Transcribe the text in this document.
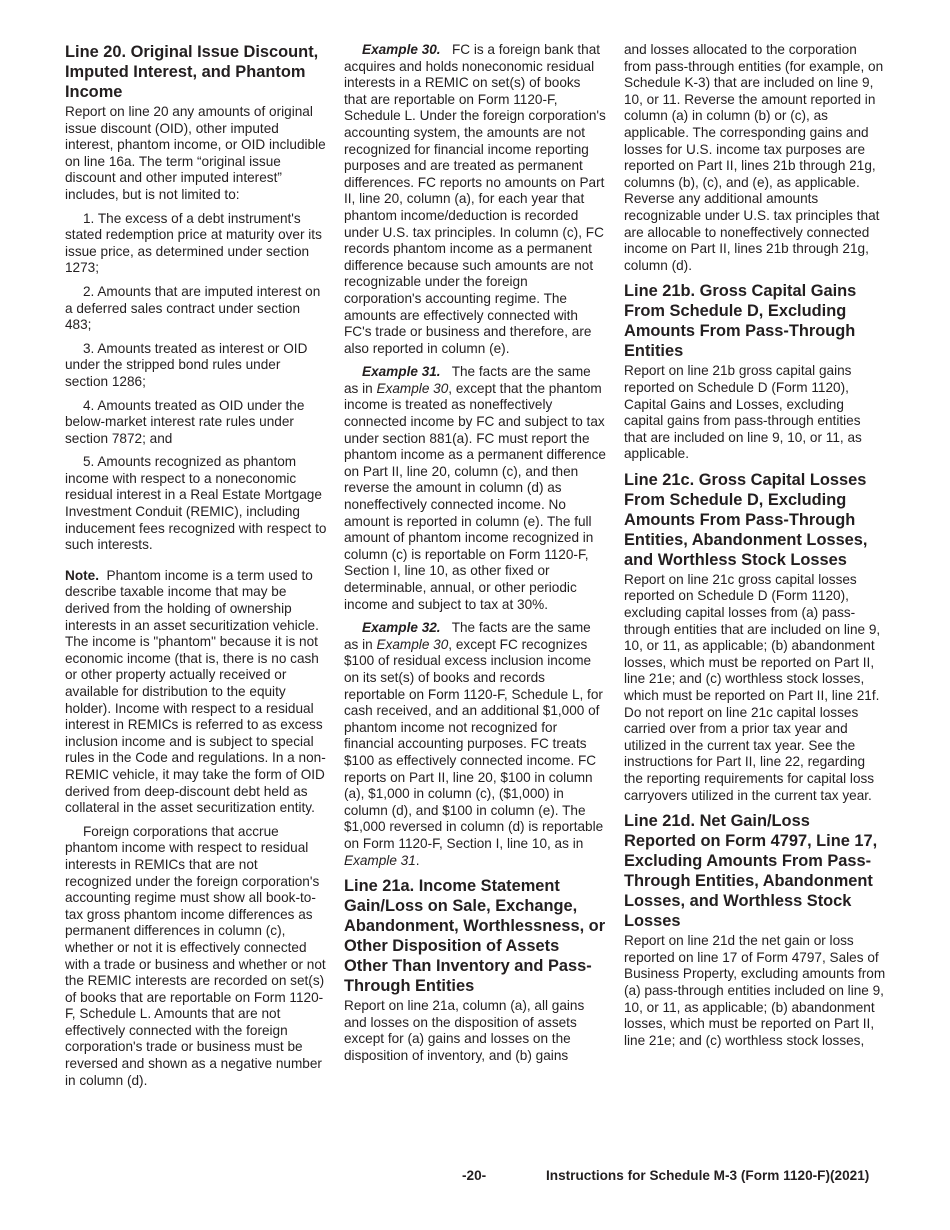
Line 20. Original Issue Discount, Imputed Interest, and Phantom Income

Report on line 20 any amounts of original issue discount (OID), other imputed interest, phantom income, or OID includible on line 16a. The term “original issue discount and other imputed interest” includes, but is not limited to:

1. The excess of a debt instrument's stated redemption price at maturity over its issue price, as determined under section 1273;

2. Amounts that are imputed interest on a deferred sales contract under section 483;

3. Amounts treated as interest or OID under the stripped bond rules under section 1286;

4. Amounts treated as OID under the below-market interest rate rules under section 7872; and

5. Amounts recognized as phantom income with respect to a noneconomic residual interest in a Real Estate Mortgage Investment Conduit (REMIC), including inducement fees recognized with respect to such interests.

Note. Phantom income is a term used to describe taxable income that may be derived from the holding of ownership interests in an asset securitization vehicle. The income is "phantom" because it is not economic income (that is, there is no cash or other property actually received or available for distribution to the equity holder). Income with respect to a residual interest in REMICs is referred to as excess inclusion income and is subject to special rules in the Code and regulations. In a non-REMIC vehicle, it may take the form of OID derived from deep-discount debt held as collateral in the asset securitization entity.

Foreign corporations that accrue phantom income with respect to residual interests in REMICs that are not recognized under the foreign corporation's accounting regime must show all book-to-tax gross phantom income differences as permanent differences in column (c), whether or not it is effectively connected with a trade or business and whether or not the REMIC interests are recorded on set(s) of books that are reportable on Form 1120-F, Schedule L. Amounts that are not effectively connected with the foreign corporation's trade or business must be reversed and shown as a negative number in column (d).

Example 30. FC is a foreign bank that acquires and holds noneconomic residual interests in a REMIC on set(s) of books that are reportable on Form 1120-F, Schedule L. Under the foreign corporation's accounting system, the amounts are not recognized for financial income reporting purposes and are treated as permanent differences. FC reports no amounts on Part II, line 20, column (a), for each year that phantom income/deduction is recorded under U.S. tax principles. In column (c), FC records phantom income as a permanent difference because such amounts are not recognizable under the foreign corporation's accounting regime. The amounts are effectively connected with FC's trade or business and therefore, are also reported in column (e).

Example 31. The facts are the same as in Example 30, except that the phantom income is treated as noneffectively connected income by FC and subject to tax under section 881(a). FC must report the phantom income as a permanent difference on Part II, line 20, column (c), and then reverse the amount in column (d) as noneffectively connected income. No amount is reported in column (e). The full amount of phantom income recognized in column (c) is reportable on Form 1120-F, Section I, line 10, as other fixed or determinable, annual, or other periodic income and subject to tax at 30%.

Example 32. The facts are the same as in Example 30, except FC recognizes $100 of residual excess inclusion income on its set(s) of books and records reportable on Form 1120-F, Schedule L, for cash received, and an additional $1,000 of phantom income not recognized for financial accounting purposes. FC treats $100 as effectively connected income. FC reports on Part II, line 20, $100 in column (a), $1,000 in column (c), ($1,000) in column (d), and $100 in column (e). The $1,000 reversed in column (d) is reportable on Form 1120-F, Section I, line 10, as in Example 31.

Line 21a. Income Statement Gain/Loss on Sale, Exchange, Abandonment, Worthlessness, or Other Disposition of Assets Other Than Inventory and Pass-Through Entities

Report on line 21a, column (a), all gains and losses on the disposition of assets except for (a) gains and losses on the disposition of inventory, and (b) gains

and losses allocated to the corporation from pass-through entities (for example, on Schedule K-3) that are included on line 9, 10, or 11. Reverse the amount reported in column (a) in column (b) or (c), as applicable. The corresponding gains and losses for U.S. income tax purposes are reported on Part II, lines 21b through 21g, columns (b), (c), and (e), as applicable. Reverse any additional amounts recognizable under U.S. tax principles that are allocable to noneffectively connected income on Part II, lines 21b through 21g, column (d).

Line 21b. Gross Capital Gains From Schedule D, Excluding Amounts From Pass-Through Entities

Report on line 21b gross capital gains reported on Schedule D (Form 1120), Capital Gains and Losses, excluding capital gains from pass-through entities that are included on line 9, 10, or 11, as applicable.

Line 21c. Gross Capital Losses From Schedule D, Excluding Amounts From Pass-Through Entities, Abandonment Losses, and Worthless Stock Losses

Report on line 21c gross capital losses reported on Schedule D (Form 1120), excluding capital losses from (a) pass-through entities that are included on line 9, 10, or 11, as applicable; (b) abandonment losses, which must be reported on Part II, line 21e; and (c) worthless stock losses, which must be reported on Part II, line 21f. Do not report on line 21c capital losses carried over from a prior tax year and utilized in the current tax year. See the instructions for Part II, line 22, regarding the reporting requirements for capital loss carryovers utilized in the current tax year.

Line 21d. Net Gain/Loss Reported on Form 4797, Line 17, Excluding Amounts From Pass-Through Entities, Abandonment Losses, and Worthless Stock Losses

Report on line 21d the net gain or loss reported on line 17 of Form 4797, Sales of Business Property, excluding amounts from (a) pass-through entities included on line 9, 10, or 11, as applicable; (b) abandonment losses, which must be reported on Part II, line 21e; and (c) worthless stock losses,

-20-	Instructions for Schedule M-3 (Form 1120-F)(2021)
